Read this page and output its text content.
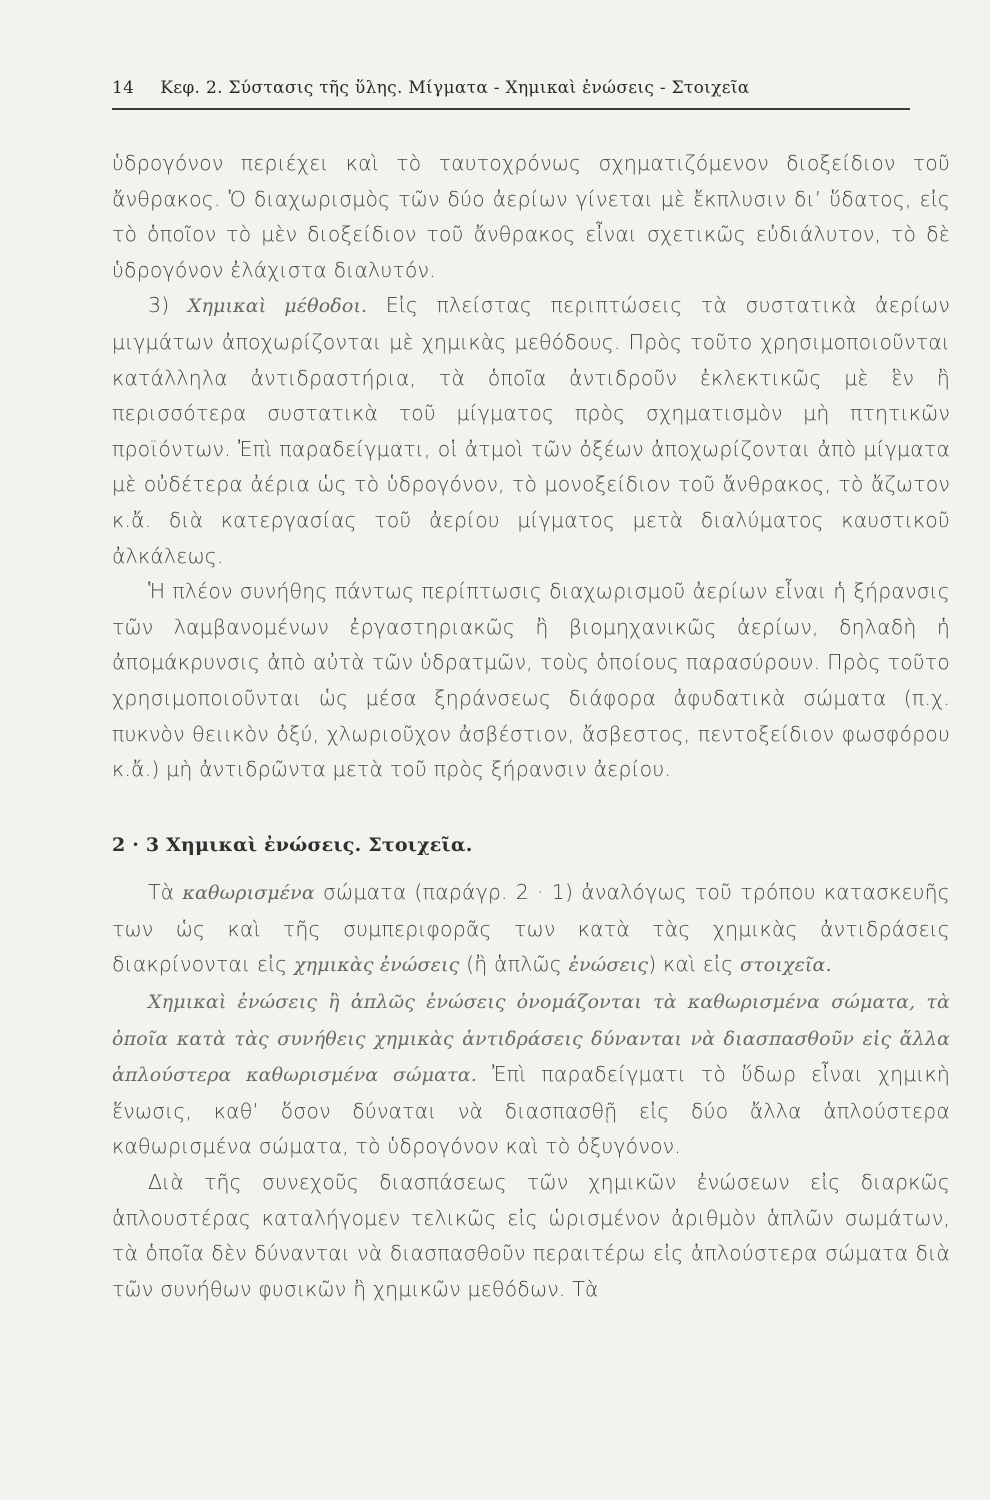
14 Κεφ. 2. Σύστασις τῆς ὕλης. Μίγματα - Χημικαὶ ἐνώσεις - Στοιχεῖα

ὑδρογόνον περιέχει καὶ τὸ ταυτοχρόνως σχηματιζόμενον διοξείδιον τοῦ ἄνθρακος. Ὁ διαχωρισμὸς τῶν δύο ἀερίων γίνεται μὲ ἔκπλυσιν δι’ ὕδατος, εἰς τὸ ὁποῖον τὸ μὲν διοξείδιον τοῦ ἄνθρακος εἶναι σχετικῶς εὐδιάλυτον, τὸ δὲ ὑδρογόνον ἐλάχιστα διαλυτόν.

3) Χημικαὶ μέθοδοι. Εἰς πλείστας περιπτώσεις τὰ συστατικὰ ἀερίων μιγμάτων ἀποχωρίζονται μὲ χημικὰς μεθόδους. Πρὸς τοῦτο χρησιμοποιοῦνται κατάλληλα ἀντιδραστήρια, τὰ ὁποῖα ἀντιδροῦν ἐκλεκτικῶς μὲ ἓν ἢ περισσότερα συστατικὰ τοῦ μίγματος πρὸς σχηματισμὸν μὴ πτητικῶν προϊόντων. Ἐπὶ παραδείγματι, οἱ ἀτμοὶ τῶν ὀξέων ἀποχωρίζονται ἀπὸ μίγματα μὲ οὐδέτερα ἀέρια ὡς τὸ ὑδρογόνον, τὸ μονοξείδιον τοῦ ἄνθρακος, τὸ ἄζωτον κ.ἄ. διὰ κατεργασίας τοῦ ἀερίου μίγματος μετὰ διαλύματος καυστικοῦ ἀλκάλεως.

Ἡ πλέον συνήθης πάντως περίπτωσις διαχωρισμοῦ ἀερίων εἶναι ἡ ξήρανσις τῶν λαμβανομένων ἐργαστηριακῶς ἢ βιομηχανικῶς ἀερίων, δηλαδὴ ἡ ἀπομάκρυνσις ἀπὸ αὐτὰ τῶν ὑδρατμῶν, τοὺς ὁποίους παρασύρουν. Πρὸς τοῦτο χρησιμοποιοῦνται ὡς μέσα ξηράνσεως διάφορα ἀφυδατικὰ σώματα (π.χ. πυκνὸν θειικὸν ὀξύ, χλωριοῦχον ἀσβέστιον, ἄσβεστος, πεντοξείδιον φωσφόρου κ.ἄ.) μὴ ἀντιδρῶντα μετὰ τοῦ πρὸς ξήρανσιν ἀερίου.

2 · 3 Χημικαὶ ἐνώσεις. Στοιχεῖα.

Τὰ καθωρισμένα σώματα (παράγρ. 2 · 1) ἀναλόγως τοῦ τρόπου κατασκευῆς των ὡς καὶ τῆς συμπεριφορᾶς των κατὰ τὰς χημικὰς ἀντιδράσεις διακρίνονται εἰς χημικὰς ἐνώσεις (ἢ ἁπλῶς ἐνώσεις) καὶ εἰς στοιχεῖα.

Χημικαὶ ἐνώσεις ἢ ἁπλῶς ἐνώσεις ὀνομάζονται τὰ καθωρισμένα σώματα, τὰ ὁποῖα κατὰ τὰς συνήθεις χημικὰς ἀντιδράσεις δύνανται νὰ διασπασθοῦν εἰς ἄλλα ἁπλούστερα καθωρισμένα σώματα. Ἐπὶ παραδείγματι τὸ ὕδωρ εἶναι χημικὴ ἕνωσις, καθ’ ὅσον δύναται νὰ διασπασθῇ εἰς δύο ἄλλα ἁπλούστερα καθωρισμένα σώματα, τὸ ὑδρογόνον καὶ τὸ ὀξυγόνον.

Διὰ τῆς συνεχοῦς διασπάσεως τῶν χημικῶν ἐνώσεων εἰς διαρκῶς ἁπλουστέρας καταλήγομεν τελικῶς εἰς ὡρισμένον ἀριθμὸν ἁπλῶν σωμάτων, τὰ ὁποῖα δὲν δύνανται νὰ διασπασθοῦν περαιτέρω εἰς ἁπλούστερα σώματα διὰ τῶν συνήθων φυσικῶν ἢ χημικῶν μεθόδων. Τὰ
